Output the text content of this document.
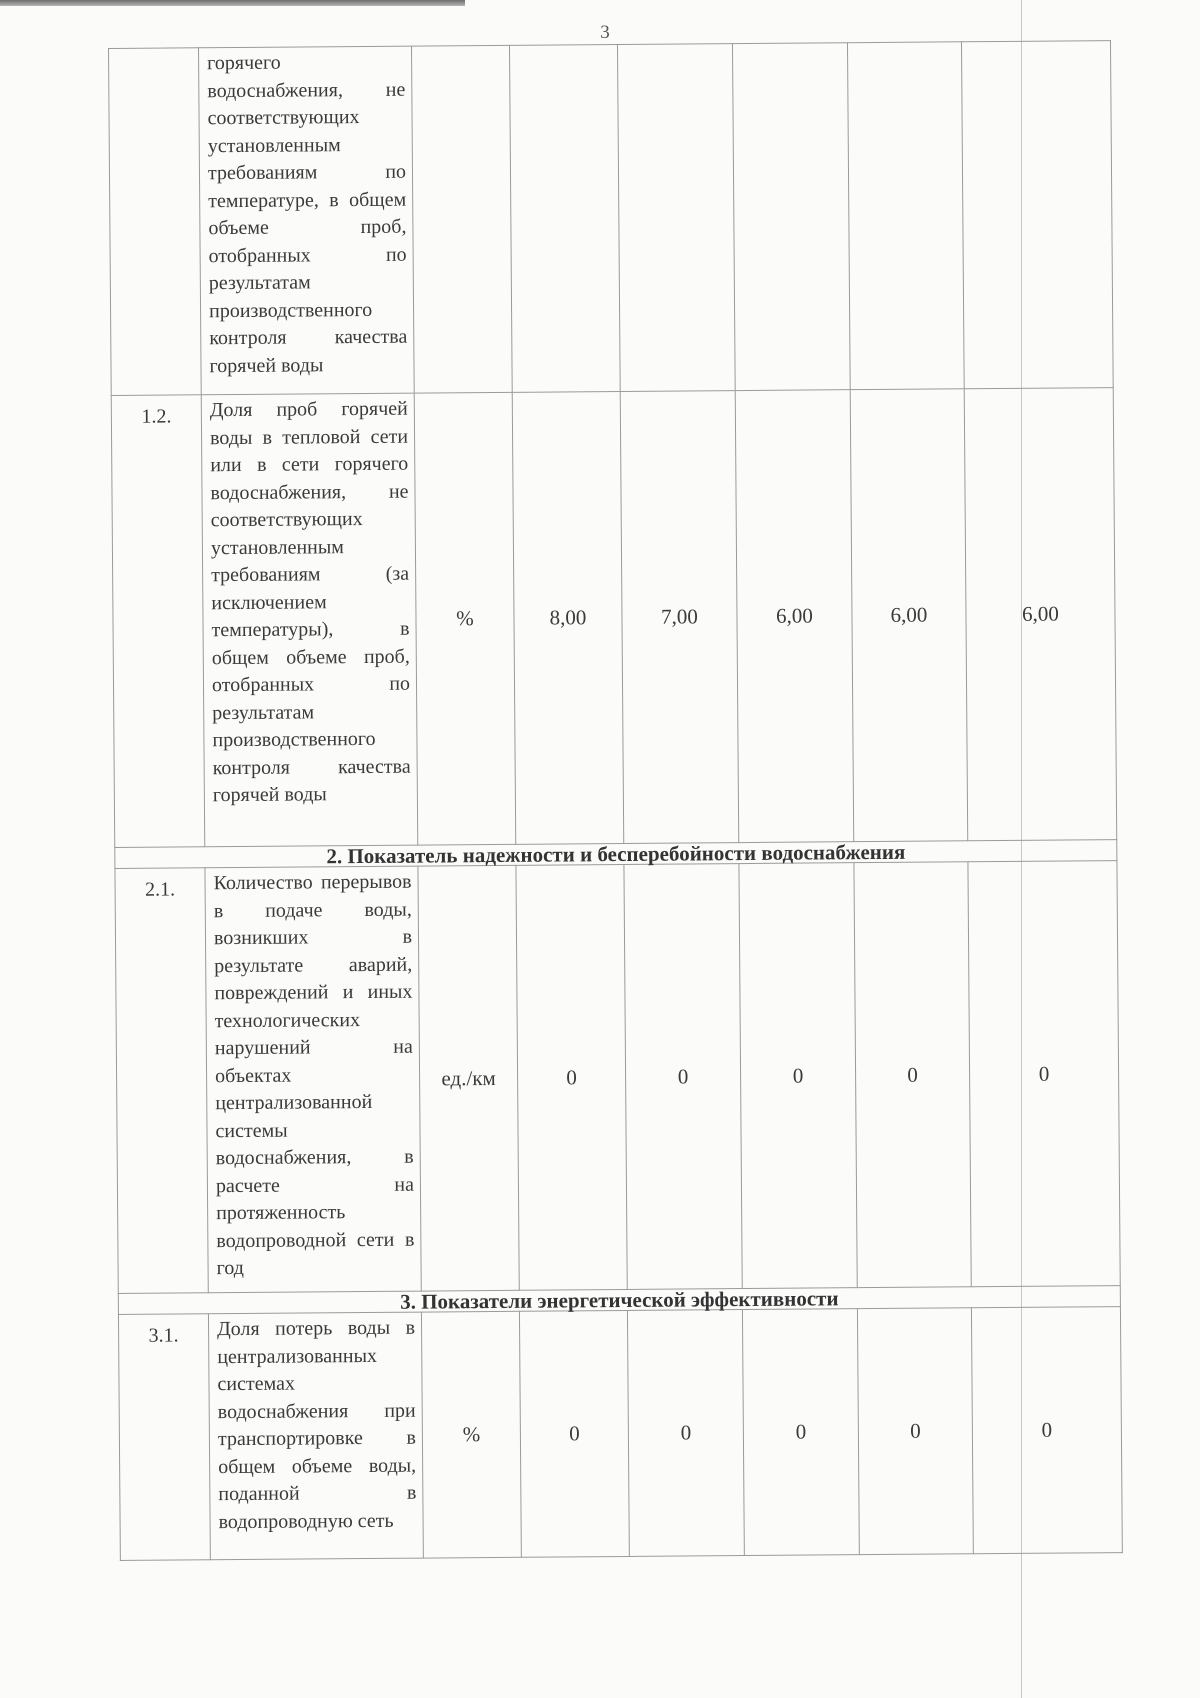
3
	горячего водоснабжения, не соответствующих установленным требованиям по температуре, в общем объеме проб, отобранных по результатам производственного контроля качества горячей воды						
1.2.	Доля проб горячей воды в тепловой сети или в сети горячего водоснабжения, не соответствующих установленным требованиям (за исключением температуры), в общем объеме проб, отобранных по результатам производственного контроля качества горячей воды	%	8,00	7,00	6,00	6,00	6,00
2. Показатель надежности и бесперебойности водоснабжения							
2.1.	Количество перерывов в подаче воды, возникших в результате аварий, повреждений и иных технологических нарушений на объектах централизованной системы водоснабжения, в расчете на протяженность водопроводной сети в год	ед./км	0	0	0	0	0
3. Показатели энергетической эффективности							
3.1.	Доля потерь воды в централизованных системах водоснабжения при транспортировке в общем объеме воды, поданной в водопроводную сеть	%	0	0	0	0	0
